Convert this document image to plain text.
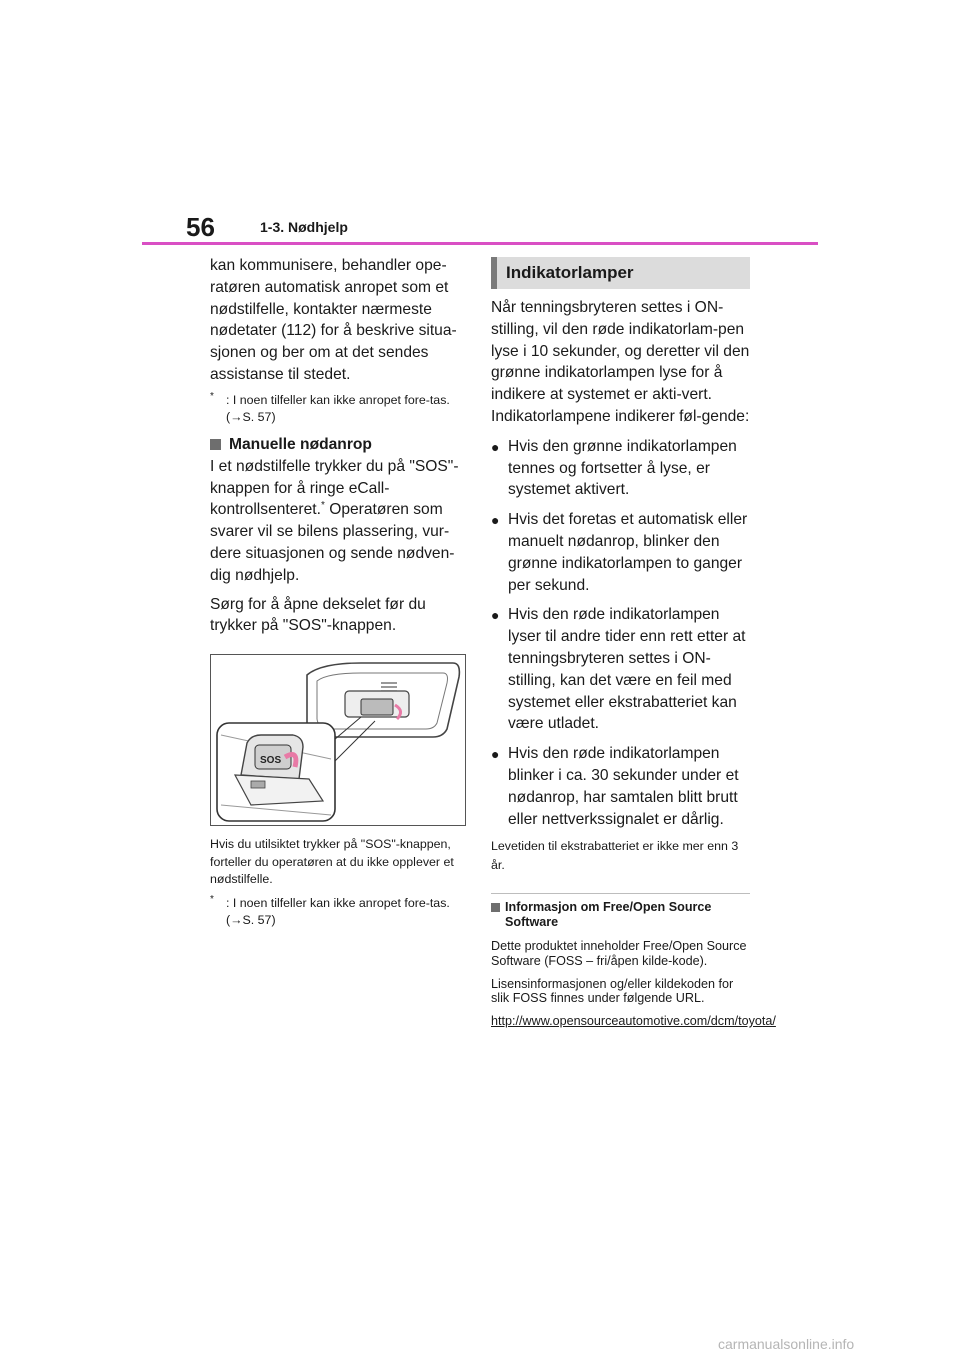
56	1-3. Nødhjelp

kan kommunisere, behandler ope-ratøren automatisk anropet som et nødstilfelle, kontakter nærmeste nødetater (112) for å beskrive situa-sjonen og ber om at det sendes assistanse til stedet.

* : I noen tilfeller kan ikke anropet fore-tas. (→S. 57)
Manuelle nødanrop

I et nødstilfelle trykker du på "SOS"-knappen for å ringe eCall-kontrollsenteret.* Operatøren som svarer vil se bilens plassering, vur-dere situasjonen og sende nødven-dig nødhjelp.

Sørg for å åpne dekselet før du trykker på "SOS"-knappen.

SOS

Hvis du utilsiktet trykker på "SOS"-knappen, forteller du operatøren at du ikke opplever et nødstilfelle.

* : I noen tilfeller kan ikke anropet fore-tas. (→S. 57)
Indikatorlamper

Når tenningsbryteren settes i ON-stilling, vil den røde indikatorlam-pen lyse i 10 sekunder, og deretter vil den grønne indikatorlampen lyse for å indikere at systemet er akti-vert. Indikatorlampene indikerer føl-gende:

● Hvis den grønne indikatorlampen tennes og fortsetter å lyse, er systemet aktivert.
● Hvis det foretas et automatisk eller manuelt nødanrop, blinker den grønne indikatorlampen to ganger per sekund.
● Hvis den røde indikatorlampen lyser til andre tider enn rett etter at tenningsbryteren settes i ON-stilling, kan det være en feil med systemet eller ekstrabatteriet kan være utladet.
● Hvis den røde indikatorlampen blinker i ca. 30 sekunder under et nødanrop, har samtalen blitt brutt eller nettverkssignalet er dårlig.

Levetiden til ekstrabatteriet er ikke mer enn 3 år.

Informasjon om Free/Open Source Software

Dette produktet inneholder Free/Open Source Software (FOSS – fri/åpen kilde-kode).

Lisensinformasjonen og/eller kildekoden for slik FOSS finnes under følgende URL.

http://www.opensourceautomotive.com/dcm/toyota/
carmanualsonline.info
